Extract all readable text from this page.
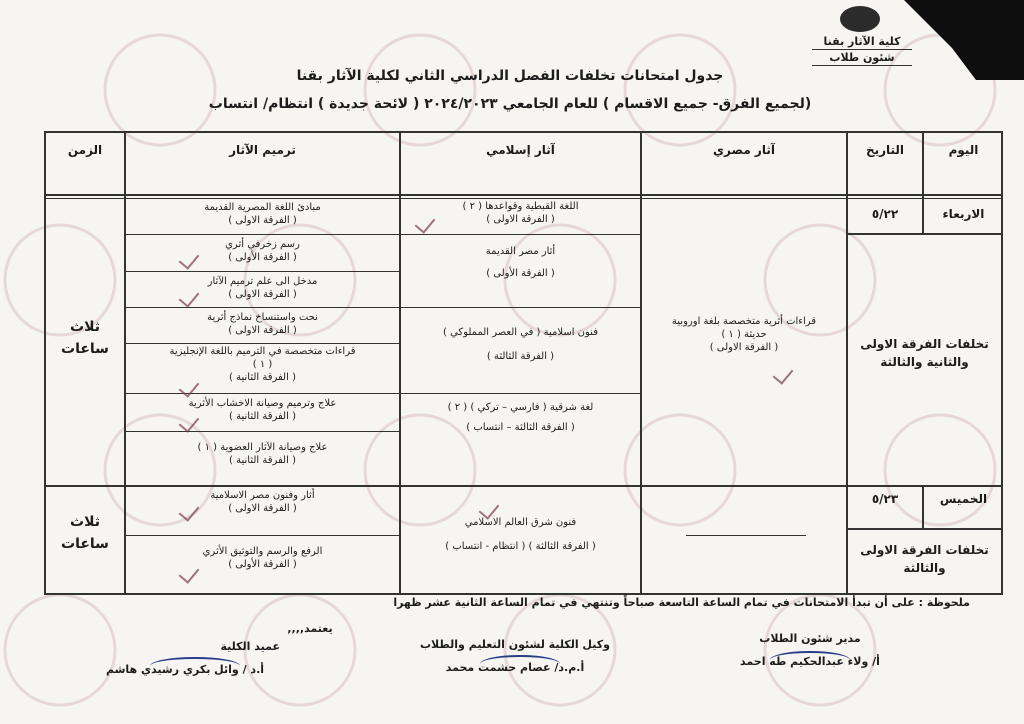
كلية الآثار بقنا
شئون طلاب
جدول امتحانات تخلفات الفصل الدراسي الثاني لكلية الآثار بقنا
(لجميع الفرق- جميع الاقسام ) للعام الجامعي ٢٠٢٤/٢٠٢٣ ( لائحة جديدة ) انتظام/ انتساب
اليوم
التاريخ
آثار مصري
آثار إسلامي
ترميم الآثار
الزمن
الاربعاء
٥/٢٢
تخلفات الفرقة الاولى والثانية والثالثة
قراءات أثرية متخصصة بلغة اوروبية
حديثة ( ١ )
( الفرقة الاولى )
اللغة القبطية وقواعدها ( ٢ )
( الفرقة الاولى )
أثار مصر القديمة
( الفرقة الأولى )
فنون اسلامية ( في العصر المملوكي )
( الفرقة الثالثة )
لغة شرقية ( فارسي – تركي ) ( ٢ )
( الفرقة الثالثة – انتساب )
مبادئ اللغة المصرية القديمة
( الفرقة الاولى )
رسم زخرفي أثري
( الفرقة الأولى )
مدخل الى علم ترميم الآثار
( الفرقة الاولى )
نحت واستنساخ نماذج أثرية
( الفرقة الاولى )
قراءات متخصصة في الترميم باللغة الإنجليزية
( ١ )
( الفرقة الثانية )
علاج وترميم وصيانة الاخشاب الأثرية
( الفرقة الثانية )
علاج وصيانة الآثار العضوية ( ١ )
( الفرقة الثانية )
ثلاث
ساعات
الخميس
٥/٢٣
تخلفات الفرقة الاولى والثالثة
فنون شرق العالم الاسلامي
( الفرقة الثالثة ) ( انتظام - انتساب )
أثار وفنون مصر الاسلامية
( الفرقة الاولى )
الرفع والرسم والتوثيق الأثري
( الفرقة الأولى )
ثلاث
ساعات
ملحوظة : على أن تبدأ الامتحانات في تمام الساعة التاسعة صباحاً وتنتهي في تمام الساعة الثانية عشر ظهرا
يعتمد,,,,
عميد الكلية
أ.د / وائل بكري رشيدي هاشم
وكيل الكلية لشئون التعليم والطلاب
أ.م.د/ عصام حشمت محمد
مدير شئون الطلاب
أ/ ولاء عبدالحكيم طه احمد
